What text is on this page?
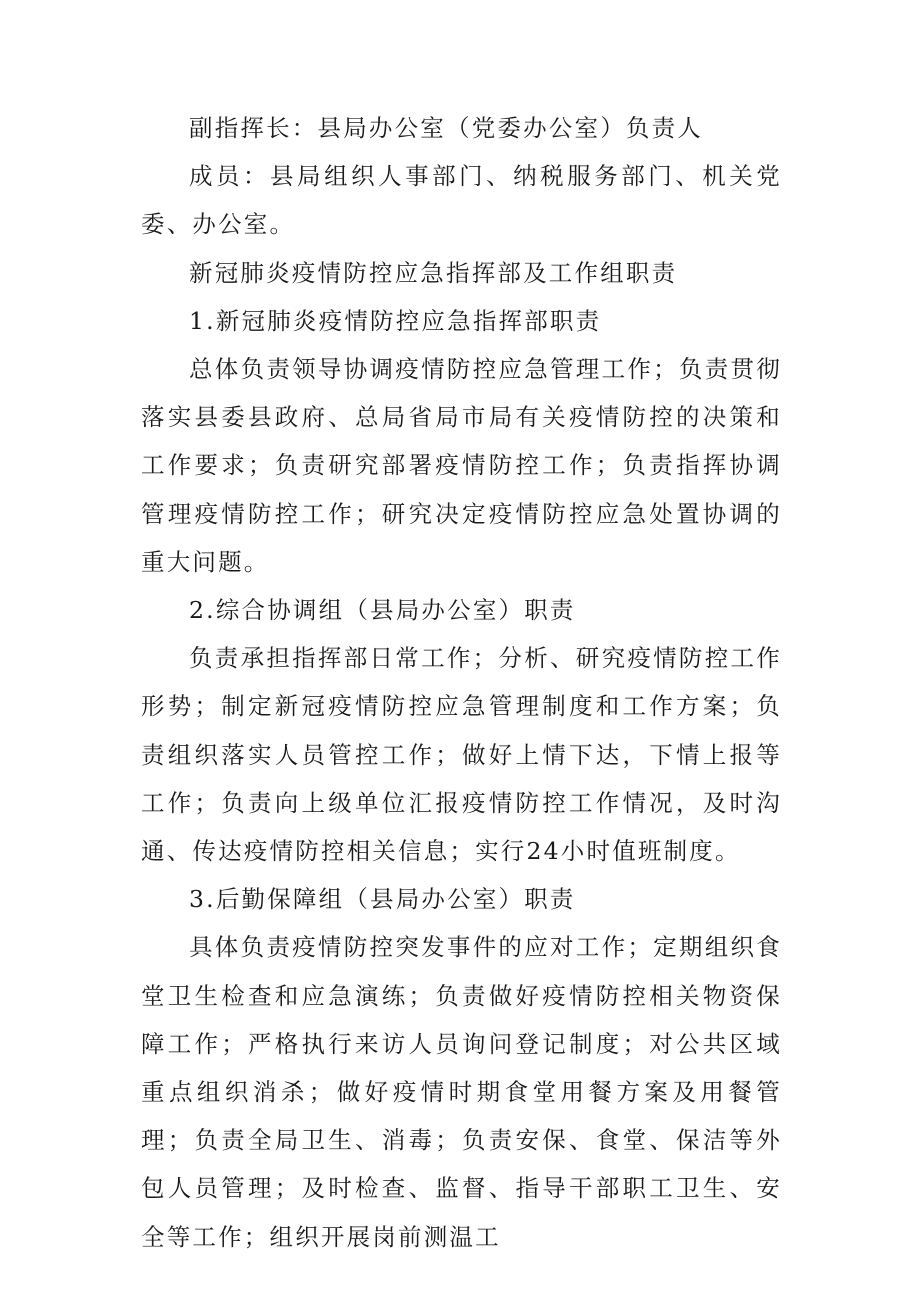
副指挥长：县局办公室（党委办公室）负责人

成员：县局组织人事部门、纳税服务部门、机关党委、办公室。

新冠肺炎疫情防控应急指挥部及工作组职责

1.新冠肺炎疫情防控应急指挥部职责

总体负责领导协调疫情防控应急管理工作；负责贯彻落实县委县政府、总局省局市局有关疫情防控的决策和工作要求；负责研究部署疫情防控工作；负责指挥协调管理疫情防控工作；研究决定疫情防控应急处置协调的重大问题。

2.综合协调组（县局办公室）职责

负责承担指挥部日常工作；分析、研究疫情防控工作形势；制定新冠疫情防控应急管理制度和工作方案；负责组织落实人员管控工作；做好上情下达，下情上报等工作；负责向上级单位汇报疫情防控工作情况，及时沟通、传达疫情防控相关信息；实行24小时值班制度。

3.后勤保障组（县局办公室）职责

具体负责疫情防控突发事件的应对工作；定期组织食堂卫生检查和应急演练；负责做好疫情防控相关物资保障工作；严格执行来访人员询问登记制度；对公共区域重点组织消杀；做好疫情时期食堂用餐方案及用餐管理；负责全局卫生、消毒；负责安保、食堂、保洁等外包人员管理；及时检查、监督、指导干部职工卫生、安全等工作；组织开展岗前测温工
